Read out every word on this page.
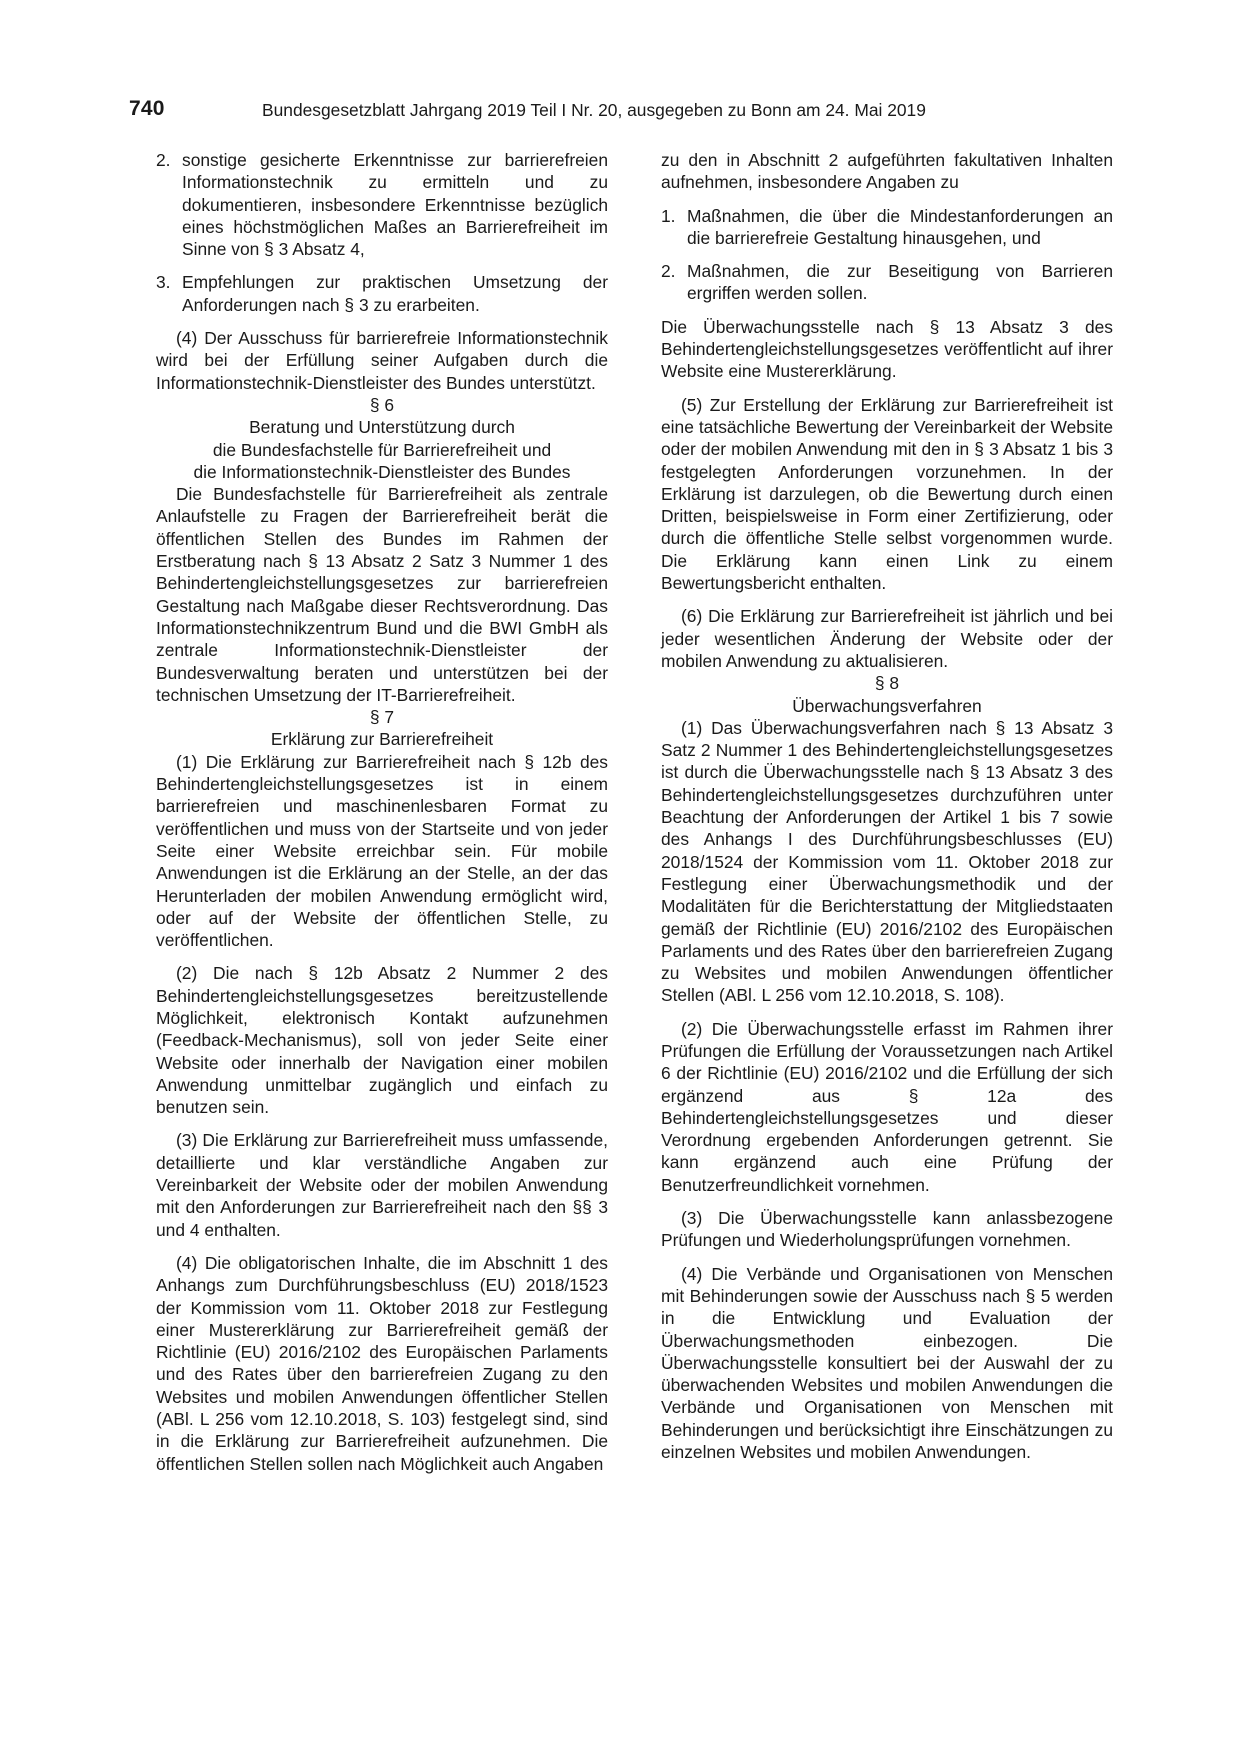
740	Bundesgesetzblatt Jahrgang 2019 Teil I Nr. 20, ausgegeben zu Bonn am 24. Mai 2019
2. sonstige gesicherte Erkenntnisse zur barrierefreien Informationstechnik zu ermitteln und zu dokumentieren, insbesondere Erkenntnisse bezüglich eines höchstmöglichen Maßes an Barrierefreiheit im Sinne von § 3 Absatz 4,

3. Empfehlungen zur praktischen Umsetzung der Anforderungen nach § 3 zu erarbeiten.

(4) Der Ausschuss für barrierefreie Informationstechnik wird bei der Erfüllung seiner Aufgaben durch die Informationstechnik-Dienstleister des Bundes unterstützt.

§ 6

Beratung und Unterstützung durch

die Bundesfachstelle für Barrierefreiheit und

die Informationstechnik-Dienstleister des Bundes

Die Bundesfachstelle für Barrierefreiheit als zentrale Anlaufstelle zu Fragen der Barrierefreiheit berät die öffentlichen Stellen des Bundes im Rahmen der Erstberatung nach § 13 Absatz 2 Satz 3 Nummer 1 des Behindertengleichstellungsgesetzes zur barrierefreien Gestaltung nach Maßgabe dieser Rechtsverordnung. Das Informationstechnikzentrum Bund und die BWI GmbH als zentrale Informationstechnik-Dienstleister der Bundesverwaltung beraten und unterstützen bei der technischen Umsetzung der IT-Barrierefreiheit.

§ 7

Erklärung zur Barrierefreiheit

(1) Die Erklärung zur Barrierefreiheit nach § 12b des Behindertengleichstellungsgesetzes ist in einem barrierefreien und maschinenlesbaren Format zu veröffentlichen und muss von der Startseite und von jeder Seite einer Website erreichbar sein. Für mobile Anwendungen ist die Erklärung an der Stelle, an der das Herunterladen der mobilen Anwendung ermöglicht wird, oder auf der Website der öffentlichen Stelle, zu veröffentlichen.

(2) Die nach § 12b Absatz 2 Nummer 2 des Behindertengleichstellungsgesetzes bereitzustellende Möglichkeit, elektronisch Kontakt aufzunehmen (Feedback-Mechanismus), soll von jeder Seite einer Website oder innerhalb der Navigation einer mobilen Anwendung unmittelbar zugänglich und einfach zu benutzen sein.

(3) Die Erklärung zur Barrierefreiheit muss umfassende, detaillierte und klar verständliche Angaben zur Vereinbarkeit der Website oder der mobilen Anwendung mit den Anforderungen zur Barrierefreiheit nach den §§ 3 und 4 enthalten.

(4) Die obligatorischen Inhalte, die im Abschnitt 1 des Anhangs zum Durchführungsbeschluss (EU) 2018/1523 der Kommission vom 11. Oktober 2018 zur Festlegung einer Mustererklärung zur Barrierefreiheit gemäß der Richtlinie (EU) 2016/2102 des Europäischen Parlaments und des Rates über den barrierefreien Zugang zu den Websites und mobilen Anwendungen öffentlicher Stellen (ABl. L 256 vom 12.10.2018, S. 103) festgelegt sind, sind in die Erklärung zur Barrierefreiheit aufzunehmen. Die öffentlichen Stellen sollen nach Möglichkeit auch Angaben

zu den in Abschnitt 2 aufgeführten fakultativen Inhalten aufnehmen, insbesondere Angaben zu

1. Maßnahmen, die über die Mindestanforderungen an die barrierefreie Gestaltung hinausgehen, und

2. Maßnahmen, die zur Beseitigung von Barrieren ergriffen werden sollen.

Die Überwachungsstelle nach § 13 Absatz 3 des Behindertengleichstellungsgesetzes veröffentlicht auf ihrer Website eine Mustererklärung.

(5) Zur Erstellung der Erklärung zur Barrierefreiheit ist eine tatsächliche Bewertung der Vereinbarkeit der Website oder der mobilen Anwendung mit den in § 3 Absatz 1 bis 3 festgelegten Anforderungen vorzunehmen. In der Erklärung ist darzulegen, ob die Bewertung durch einen Dritten, beispielsweise in Form einer Zertifizierung, oder durch die öffentliche Stelle selbst vorgenommen wurde. Die Erklärung kann einen Link zu einem Bewertungsbericht enthalten.

(6) Die Erklärung zur Barrierefreiheit ist jährlich und bei jeder wesentlichen Änderung der Website oder der mobilen Anwendung zu aktualisieren.

§ 8

Überwachungsverfahren

(1) Das Überwachungsverfahren nach § 13 Absatz 3 Satz 2 Nummer 1 des Behindertengleichstellungsgesetzes ist durch die Überwachungsstelle nach § 13 Absatz 3 des Behindertengleichstellungsgesetzes durchzuführen unter Beachtung der Anforderungen der Artikel 1 bis 7 sowie des Anhangs I des Durchführungsbeschlusses (EU) 2018/1524 der Kommission vom 11. Oktober 2018 zur Festlegung einer Überwachungsmethodik und der Modalitäten für die Berichterstattung der Mitgliedstaaten gemäß der Richtlinie (EU) 2016/2102 des Europäischen Parlaments und des Rates über den barrierefreien Zugang zu Websites und mobilen Anwendungen öffentlicher Stellen (ABl. L 256 vom 12.10.2018, S. 108).

(2) Die Überwachungsstelle erfasst im Rahmen ihrer Prüfungen die Erfüllung der Voraussetzungen nach Artikel 6 der Richtlinie (EU) 2016/2102 und die Erfüllung der sich ergänzend aus § 12a des Behindertengleichstellungsgesetzes und dieser Verordnung ergebenden Anforderungen getrennt. Sie kann ergänzend auch eine Prüfung der Benutzerfreundlichkeit vornehmen.

(3) Die Überwachungsstelle kann anlassbezogene Prüfungen und Wiederholungsprüfungen vornehmen.

(4) Die Verbände und Organisationen von Menschen mit Behinderungen sowie der Ausschuss nach § 5 werden in die Entwicklung und Evaluation der Überwachungsmethoden einbezogen. Die Überwachungsstelle konsultiert bei der Auswahl der zu überwachenden Websites und mobilen Anwendungen die Verbände und Organisationen von Menschen mit Behinderungen und berücksichtigt ihre Einschätzungen zu einzelnen Websites und mobilen Anwendungen.
